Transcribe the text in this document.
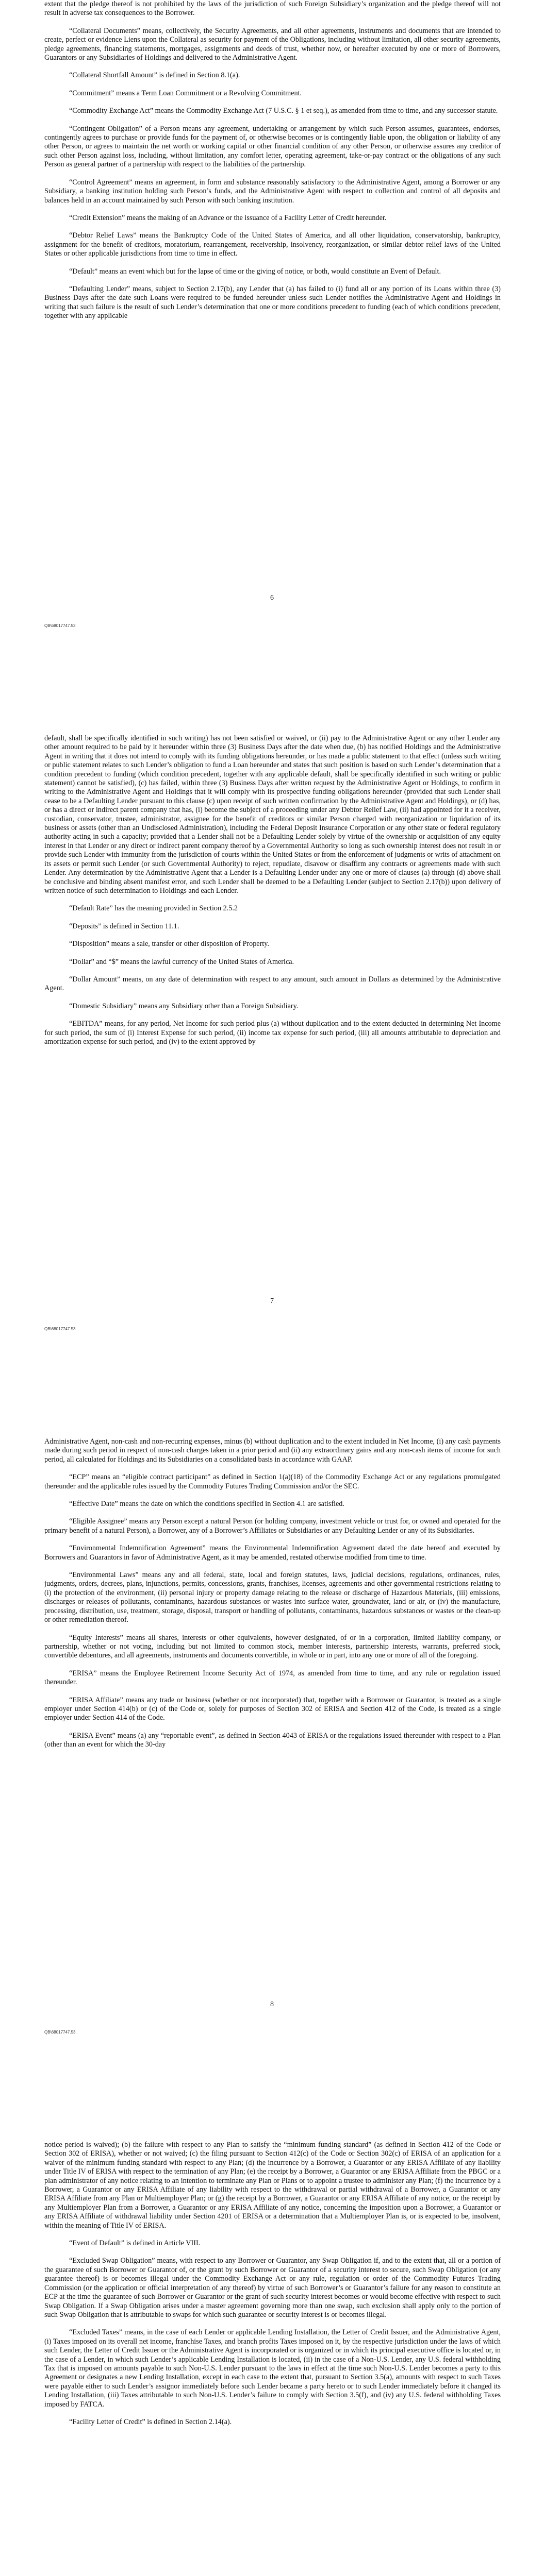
extent that the pledge thereof is not prohibited by the laws of the jurisdiction of such Foreign Subsidiary’s organization and the pledge thereof will not result in adverse tax consequences to the Borrower.

“Collateral Documents” means, collectively, the Security Agreements, and all other agreements, instruments and documents that are intended to create, perfect or evidence Liens upon the Collateral as security for payment of the Obligations, including without limitation, all other security agreements, pledge agreements, financing statements, mortgages, assignments and deeds of trust, whether now, or hereafter executed by one or more of Borrowers, Guarantors or any Subsidiaries of Holdings and delivered to the Administrative Agent.

“Collateral Shortfall Amount” is defined in Section 8.1(a).

“Commitment” means a Term Loan Commitment or a Revolving Commitment.

“Commodity Exchange Act” means the Commodity Exchange Act (7 U.S.C. § 1 et seq.), as amended from time to time, and any successor statute.

“Contingent Obligation” of a Person means any agreement, undertaking or arrangement by which such Person assumes, guarantees, endorses, contingently agrees to purchase or provide funds for the payment of, or otherwise becomes or is contingently liable upon, the obligation or liability of any other Person, or agrees to maintain the net worth or working capital or other financial condition of any other Person, or otherwise assures any creditor of such other Person against loss, including, without limitation, any comfort letter, operating agreement, take-or-pay contract or the obligations of any such Person as general partner of a partnership with respect to the liabilities of the partnership.

“Control Agreement” means an agreement, in form and substance reasonably satisfactory to the Administrative Agent, among a Borrower or any Subsidiary, a banking institution holding such Person’s funds, and the Administrative Agent with respect to collection and control of all deposits and balances held in an account maintained by such Person with such banking institution.

“Credit Extension” means the making of an Advance or the issuance of a Facility Letter of Credit hereunder.

“Debtor Relief Laws” means the Bankruptcy Code of the United States of America, and all other liquidation, conservatorship, bankruptcy, assignment for the benefit of creditors, moratorium, rearrangement, receivership, insolvency, reorganization, or similar debtor relief laws of the United States or other applicable jurisdictions from time to time in effect.

“Default” means an event which but for the lapse of time or the giving of notice, or both, would constitute an Event of Default.

“Defaulting Lender” means, subject to Section 2.17(b), any Lender that (a) has failed to (i) fund all or any portion of its Loans within three (3) Business Days after the date such Loans were required to be funded hereunder unless such Lender notifies the Administrative Agent and Holdings in writing that such failure is the result of such Lender’s determination that one or more conditions precedent to funding (each of which conditions precedent, together with any applicable

6
QB\68017747.53

default, shall be specifically identified in such writing) has not been satisfied or waived, or (ii) pay to the Administrative Agent or any other Lender any other amount required to be paid by it hereunder within three (3) Business Days after the date when due, (b) has notified Holdings and the Administrative Agent in writing that it does not intend to comply with its funding obligations hereunder, or has made a public statement to that effect (unless such writing or public statement relates to such Lender’s obligation to fund a Loan hereunder and states that such position is based on such Lender’s determination that a condition precedent to funding (which condition precedent, together with any applicable default, shall be specifically identified in such writing or public statement) cannot be satisfied), (c) has failed, within three (3) Business Days after written request by the Administrative Agent or Holdings, to confirm in writing to the Administrative Agent and Holdings that it will comply with its prospective funding obligations hereunder (provided that such Lender shall cease to be a Defaulting Lender pursuant to this clause (c) upon receipt of such written confirmation by the Administrative Agent and Holdings), or (d) has, or has a direct or indirect parent company that has, (i) become the subject of a proceeding under any Debtor Relief Law, (ii) had appointed for it a receiver, custodian, conservator, trustee, administrator, assignee for the benefit of creditors or similar Person charged with reorganization or liquidation of its business or assets (other than an Undisclosed Administration), including the Federal Deposit Insurance Corporation or any other state or federal regulatory authority acting in such a capacity; provided that a Lender shall not be a Defaulting Lender solely by virtue of the ownership or acquisition of any equity interest in that Lender or any direct or indirect parent company thereof by a Governmental Authority so long as such ownership interest does not result in or provide such Lender with immunity from the jurisdiction of courts within the United States or from the enforcement of judgments or writs of attachment on its assets or permit such Lender (or such Governmental Authority) to reject, repudiate, disavow or disaffirm any contracts or agreements made with such Lender. Any determination by the Administrative Agent that a Lender is a Defaulting Lender under any one or more of clauses (a) through (d) above shall be conclusive and binding absent manifest error, and such Lender shall be deemed to be a Defaulting Lender (subject to Section 2.17(b)) upon delivery of written notice of such determination to Holdings and each Lender.

“Default Rate” has the meaning provided in Section 2.5.2

“Deposits” is defined in Section 11.1.

“Disposition” means a sale, transfer or other disposition of Property.

“Dollar” and “$” means the lawful currency of the United States of America.

“Dollar Amount” means, on any date of determination with respect to any amount, such amount in Dollars as determined by the Administrative Agent.

“Domestic Subsidiary” means any Subsidiary other than a Foreign Subsidiary.

“EBITDA” means, for any period, Net Income for such period plus (a) without duplication and to the extent deducted in determining Net Income for such period, the sum of (i) Interest Expense for such period, (ii) income tax expense for such period, (iii) all amounts attributable to depreciation and amortization expense for such period, and (iv) to the extent approved by

7
QB\68017747.53

Administrative Agent, non-cash and non-recurring expenses, minus (b) without duplication and to the extent included in Net Income, (i) any cash payments made during such period in respect of non-cash charges taken in a prior period and (ii) any extraordinary gains and any non-cash items of income for such period, all calculated for Holdings and its Subsidiaries on a consolidated basis in accordance with GAAP.

“ECP” means an “eligible contract participant” as defined in Section 1(a)(18) of the Commodity Exchange Act or any regulations promulgated thereunder and the applicable rules issued by the Commodity Futures Trading Commission and/or the SEC.

“Effective Date” means the date on which the conditions specified in Section 4.1 are satisfied.

“Eligible Assignee” means any Person except a natural Person (or holding company, investment vehicle or trust for, or owned and operated for the primary benefit of a natural Person), a Borrower, any of a Borrower’s Affiliates or Subsidiaries or any Defaulting Lender or any of its Subsidiaries.

“Environmental Indemnification Agreement” means the Environmental Indemnification Agreement dated the date hereof and executed by Borrowers and Guarantors in favor of Administrative Agent, as it may be amended, restated otherwise modified from time to time.

“Environmental Laws” means any and all federal, state, local and foreign statutes, laws, judicial decisions, regulations, ordinances, rules, judgments, orders, decrees, plans, injunctions, permits, concessions, grants, franchises, licenses, agreements and other governmental restrictions relating to (i) the protection of the environment, (ii) personal injury or property damage relating to the release or discharge of Hazardous Materials, (iii) emissions, discharges or releases of pollutants, contaminants, hazardous substances or wastes into surface water, groundwater, land or air, or (iv) the manufacture, processing, distribution, use, treatment, storage, disposal, transport or handling of pollutants, contaminants, hazardous substances or wastes or the clean-up or other remediation thereof.

“Equity Interests” means all shares, interests or other equivalents, however designated, of or in a corporation, limited liability company, or partnership, whether or not voting, including but not limited to common stock, member interests, partnership interests, warrants, preferred stock, convertible debentures, and all agreements, instruments and documents convertible, in whole or in part, into any one or more of all of the foregoing.

“ERISA” means the Employee Retirement Income Security Act of 1974, as amended from time to time, and any rule or regulation issued thereunder.

“ERISA Affiliate” means any trade or business (whether or not incorporated) that, together with a Borrower or Guarantor, is treated as a single employer under Section 414(b) or (c) of the Code or, solely for purposes of Section 302 of ERISA and Section 412 of the Code, is treated as a single employer under Section 414 of the Code.

“ERISA Event” means (a) any “reportable event”, as defined in Section 4043 of ERISA or the regulations issued thereunder with respect to a Plan (other than an event for which the 30-day

8
QB\68017747.53

notice period is waived); (b) the failure with respect to any Plan to satisfy the “minimum funding standard” (as defined in Section 412 of the Code or Section 302 of ERISA), whether or not waived; (c) the filing pursuant to Section 412(c) of the Code or Section 302(c) of ERISA of an application for a waiver of the minimum funding standard with respect to any Plan; (d) the incurrence by a Borrower, a Guarantor or any ERISA Affiliate of any liability under Title IV of ERISA with respect to the termination of any Plan; (e) the receipt by a Borrower, a Guarantor or any ERISA Affiliate from the PBGC or a plan administrator of any notice relating to an intention to terminate any Plan or Plans or to appoint a trustee to administer any Plan; (f) the incurrence by a Borrower, a Guarantor or any ERISA Affiliate of any liability with respect to the withdrawal or partial withdrawal of a Borrower, a Guarantor or any ERISA Affiliate from any Plan or Multiemployer Plan; or (g) the receipt by a Borrower, a Guarantor or any ERISA Affiliate of any notice, or the receipt by any Multiemployer Plan from a Borrower, a Guarantor or any ERISA Affiliate of any notice, concerning the imposition upon a Borrower, a Guarantor or any ERISA Affiliate of withdrawal liability under Section 4201 of ERISA or a determination that a Multiemployer Plan is, or is expected to be, insolvent, within the meaning of Title IV of ERISA.

“Event of Default” is defined in Article VIII.

“Excluded Swap Obligation” means, with respect to any Borrower or Guarantor, any Swap Obligation if, and to the extent that, all or a portion of the guarantee of such Borrower or Guarantor of, or the grant by such Borrower or Guarantor of a security interest to secure, such Swap Obligation (or any guarantee thereof) is or becomes illegal under the Commodity Exchange Act or any rule, regulation or order of the Commodity Futures Trading Commission (or the application or official interpretation of any thereof) by virtue of such Borrower’s or Guarantor’s failure for any reason to constitute an ECP at the time the guarantee of such Borrower or Guarantor or the grant of such security interest becomes or would become effective with respect to such Swap Obligation. If a Swap Obligation arises under a master agreement governing more than one swap, such exclusion shall apply only to the portion of such Swap Obligation that is attributable to swaps for which such guarantee or security interest is or becomes illegal.

“Excluded Taxes” means, in the case of each Lender or applicable Lending Installation, the Letter of Credit Issuer, and the Administrative Agent, (i) Taxes imposed on its overall net income, franchise Taxes, and branch profits Taxes imposed on it, by the respective jurisdiction under the laws of which such Lender, the Letter of Credit Issuer or the Administrative Agent is incorporated or is organized or in which its principal executive office is located or, in the case of a Lender, in which such Lender’s applicable Lending Installation is located, (ii) in the case of a Non-U.S. Lender, any U.S. federal withholding Tax that is imposed on amounts payable to such Non-U.S. Lender pursuant to the laws in effect at the time such Non-U.S. Lender becomes a party to this Agreement or designates a new Lending Installation, except in each case to the extent that, pursuant to Section 3.5(a), amounts with respect to such Taxes were payable either to such Lender’s assignor immediately before such Lender became a party hereto or to such Lender immediately before it changed its Lending Installation, (iii) Taxes attributable to such Non-U.S. Lender’s failure to comply with Section 3.5(f), and (iv) any U.S. federal withholding Taxes imposed by FATCA.

“Facility Letter of Credit” is defined in Section 2.14(a).
